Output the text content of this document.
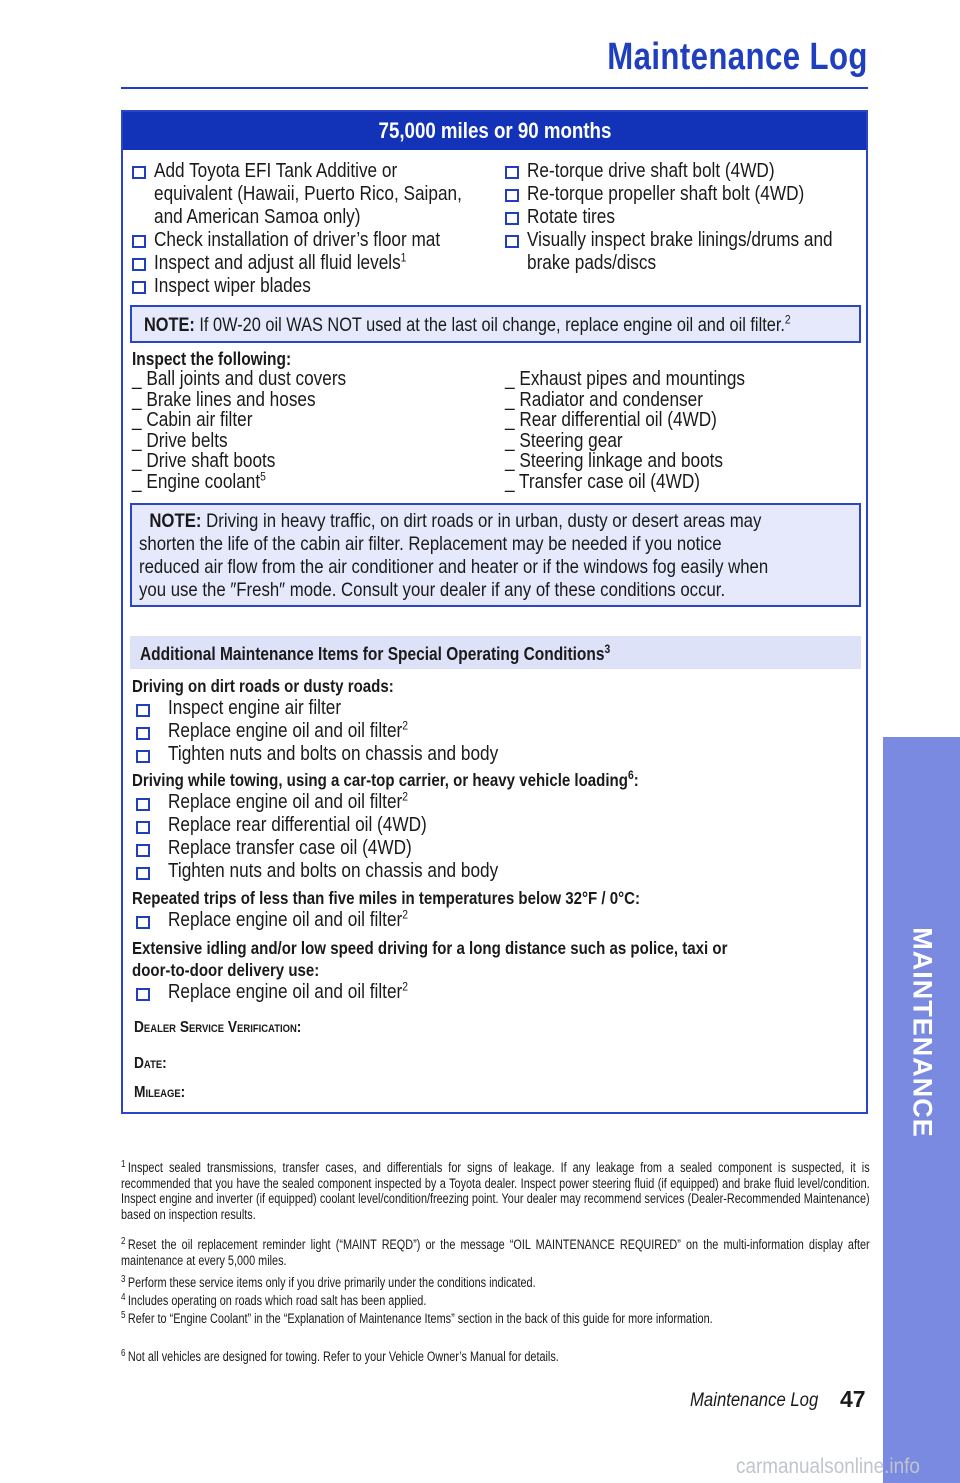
Maintenance Log
MAINTENANCE
75,000 miles or 90 months
Add Toyota EFI Tank Additive or
equivalent (Hawaii, Puerto Rico, Saipan,
and American Samoa only)
Check installation of driver’s floor mat
Inspect and adjust all fluid levels$^1$
Inspect wiper blades
Re-torque drive shaft bolt (4WD)
Re-torque propeller shaft bolt (4WD)
Rotate tires
Visually inspect brake linings/drums and
brake pads/discs
NOTE: If 0W-20 oil WAS NOT used at the last oil change, replace engine oil and oil filter.$^2$
Inspect the following:
_ Ball joints and dust covers
_ Brake lines and hoses
_ Cabin air filter
_ Drive belts
_ Drive shaft boots
_ Engine coolant$^5$
_ Exhaust pipes and mountings
_ Radiator and condenser
_ Rear differential oil (4WD)
_ Steering gear
_ Steering linkage and boots
_ Transfer case oil (4WD)
NOTE: Driving in heavy traffic, on dirt roads or in urban, dusty or desert areas may
shorten the life of the cabin air filter. Replacement may be needed if you notice
reduced air flow from the air conditioner and heater or if the windows fog easily when
you use the ″Fresh″ mode. Consult your dealer if any of these conditions occur.
Additional Maintenance Items for Special Operating Conditions$^3$
Driving on dirt roads or dusty roads:
Inspect engine air filter
Replace engine oil and oil filter$^2$
Tighten nuts and bolts on chassis and body
Driving while towing, using a car-top carrier, or heavy vehicle loading$^6$:
Replace engine oil and oil filter$^2$
Replace rear differential oil (4WD)
Replace transfer case oil (4WD)
Tighten nuts and bolts on chassis and body
Repeated trips of less than five miles in temperatures below 32°F / 0°C:
Replace engine oil and oil filter$^2$
Extensive idling and/or low speed driving for a long distance such as police, taxi or
door-to-door delivery use:
Replace engine oil and oil filter$^2$
Dealer Service Verification:
Date:
Mileage:
$^1$ Inspect sealed transmissions, transfer cases, and differentials for signs of leakage. If any leakage from a sealed component is suspected, it is recommended that you have the sealed component inspected by a Toyota dealer. Inspect power steering fluid (if equipped) and brake fluid level/condition. Inspect engine and inverter (if equipped) coolant level/condition/freezing point. Your dealer may recommend services (Dealer-Recommended Maintenance) based on inspection results.
$^2$ Reset the oil replacement reminder light (“MAINT REQD”) or the message “OIL MAINTENANCE REQUIRED” on the multi-information display after maintenance at every 5,000 miles.
$^3$ Perform these service items only if you drive primarily under the conditions indicated.
$^4$ Includes operating on roads which road salt has been applied.
$^5$ Refer to “Engine Coolant” in the “Explanation of Maintenance Items” section in the back of this guide for more information.
$^6$ Not all vehicles are designed for towing. Refer to your Vehicle Owner’s Manual for details.
Maintenance Log 47
carmanualsonline.info
